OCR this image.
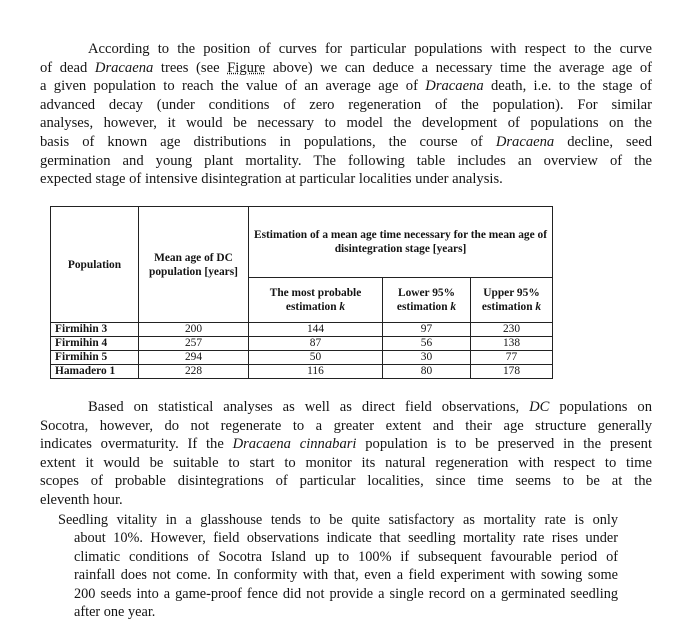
According to the position of curves for particular populations with respect to the curve
of dead Dracaena trees (see Figure above) we can deduce a necessary time the average age of
a given population to reach the value of an average age of Dracaena death, i.e. to the stage of
advanced decay (under conditions of zero regeneration of the population). For similar
analyses, however, it would be necessary to model the development of populations on the
basis of known age distributions in populations, the course of Dracaena decline, seed
germination and young plant mortality. The following table includes an overview of the
expected stage of intensive disintegration at particular localities under analysis.
Population	Mean age of DC population [years]	Estimation of a mean age time necessary for the mean age of disintegration stage [years]		
		The most probable estimation k	Lower 95% estimation k	Upper 95% estimation k
Firmihin 3	200	144	97	230
Firmihin 4	257	87	56	138
Firmihin 5	294	50	30	77
Hamadero 1	228	116	80	178
Based on statistical analyses as well as direct field observations, DC populations on
Socotra, however, do not regenerate to a greater extent and their age structure generally
indicates overmaturity. If the Dracaena cinnabari population is to be preserved in the present
extent it would be suitable to start to monitor its natural regeneration with respect to time
scopes of probable disintegrations of particular localities, since time seems to be at the
eleventh hour.
Seedling vitality in a glasshouse tends to be quite satisfactory as mortality rate is only
about 10%. However, field observations indicate that seedling mortality rate rises under
climatic conditions of Socotra Island up to 100% if subsequent favourable period of
rainfall does not come. In conformity with that, even a field experiment with sowing some
200 seeds into a game-proof fence did not provide a single record on a germinated seedling
after one year.
